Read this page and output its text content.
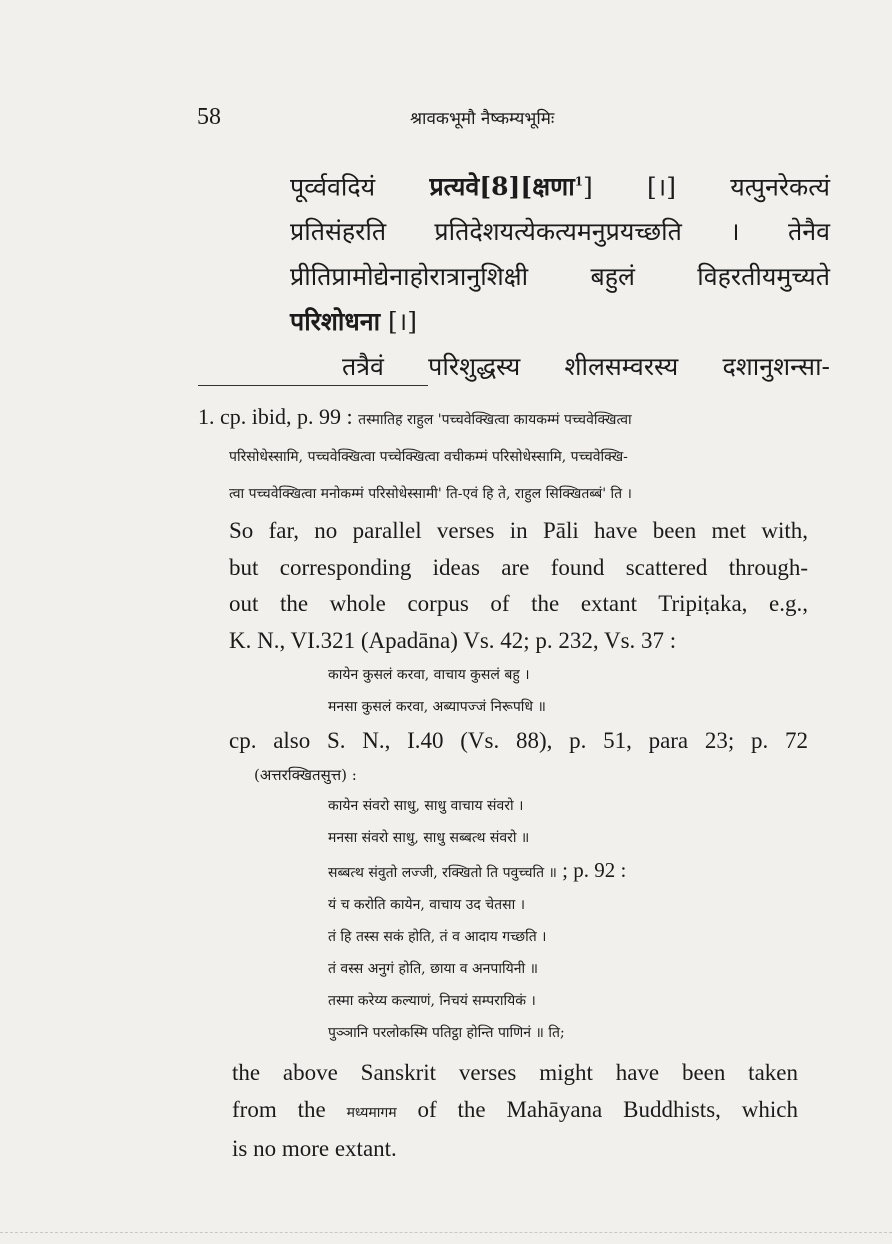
58	श्रावकभूमौ नैष्कम्यभूमिः
पूर्व्ववदियं प्रत्यवे[8][क्षणा$^1$] [।] यत्पुनरेकत्यं
प्रतिसंहरति प्रतिदेशयत्येकत्यमनुप्रयच्छति । तेनैव
प्रीतिप्रामोद्येनाहोरात्रानुशिक्षी बहुलं विहरतीयमुच्यते
परिशोधना [।]
तत्रैवं परिशुद्धस्य शीलसम्वरस्य दशानुशन्सा-
1. cp. ibid, p. 99 : तस्मातिह राहुल 'पच्चवेक्खित्वा कायकम्मं पच्चवेक्खित्वा
परिसोधेस्सामि, पच्चवेक्खित्वा पच्चेक्खित्वा वचीकम्मं परिसोधेस्सामि, पच्चवेक्खि-
त्वा पच्चवेक्खित्वा मनोकम्मं परिसोधेस्सामी' ति-एवं हि ते, राहुल सिक्खितब्बं' ति ।
So far, no parallel verses in Pāli have been met with,
but corresponding ideas are found scattered through-
out the whole corpus of the extant Tripiṭaka, e.g.,
K. N., VI.321 (Apadāna) Vs. 42; p. 232, Vs. 37 :
कायेन कुसलं करवा, वाचाय कुसलं बहु ।
मनसा कुसलं करवा, अब्यापज्जं निरूपधि ॥
cp. also S. N., I.40 (Vs. 88), p. 51, para 23; p. 72
(अत्तरक्खितसुत्त) :
कायेन संवरो साधु, साधु वाचाय संवरो ।
मनसा संवरो साधु, साधु सब्बत्थ संवरो ॥
सब्बत्थ संवुतो लज्जी, रक्खितो ति पवुच्चति ॥ ; p. 92 :
यं च करोति कायेन, वाचाय उद चेतसा ।
तं हि तस्स सकं होति, तं व आदाय गच्छति ।
तं वस्स अनुगं होति, छाया व अनपायिनी ॥
तस्मा करेय्य कल्याणं, निचयं सम्परायिकं ।
पुञ्ञानि परलोकस्मि पतिट्ठा होन्ति पाणिनं ॥ ति;
the above Sanskrit verses might have been taken
from the मध्यमागम of the Mahāyana Buddhists, which
is no more extant.
